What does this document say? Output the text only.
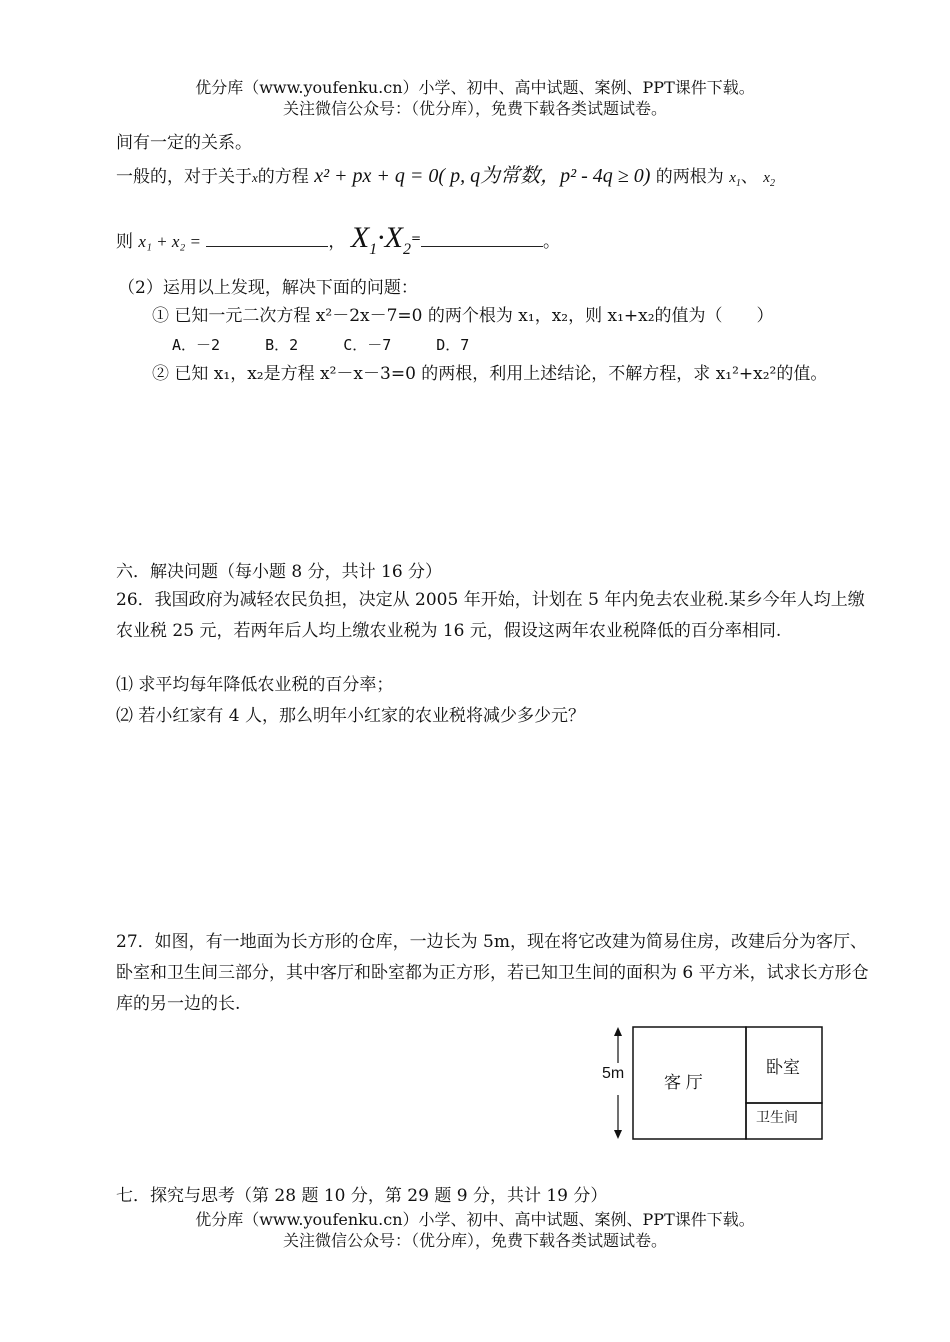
优分库（www.youfenku.cn）小学、初中、高中试题、案例、PPT课件下载。
关注微信公众号：（优分库），免费下载各类试题试卷。
间有一定的关系。
一般的，对于关于x的方程 x² + px + q = 0( p, q为常数，p² - 4q ≥ 0) 的两根为 $x_1$、 $x_2$
则 x₁ + x₂ =	， $X_1\cdot X_2^=$	。
（2）运用以上发现，解决下面的问题：
① 已知一元二次方程 x²－2x－7=0 的两个根为 x₁，x₂，则 x₁+x₂的值为（　　）
A．－2	B．2	C．－7	D．7
② 已知 x₁，x₂是方程 x²－x－3=0 的两根，利用上述结论，不解方程，求 x₁²+x₂²的值。
六．解决问题（每小题 8 分，共计 16 分）
26．我国政府为减轻农民负担，决定从 2005 年开始，计划在 5 年内免去农业税.某乡今年人均上缴农业税 25 元，若两年后人均上缴农业税为 16 元，假设这两年农业税降低的百分率相同.
⑴ 求平均每年降低农业税的百分率；
⑵ 若小红家有 4 人，那么明年小红家的农业税将减少多少元？
27．如图，有一地面为长方形的仓库，一边长为 5m，现在将它改建为简易住房，改建后分为客厅、卧室和卫生间三部分，其中客厅和卧室都为正方形，若已知卫生间的面积为 6 平方米，试求长方形仓库的另一边的长.
5m 客 厅
卧室
卫生间
七．探究与思考（第 28 题 10 分，第 29 题 9 分，共计 19 分）
优分库（www.youfenku.cn）小学、初中、高中试题、案例、PPT课件下载。
关注微信公众号：（优分库），免费下载各类试题试卷。
